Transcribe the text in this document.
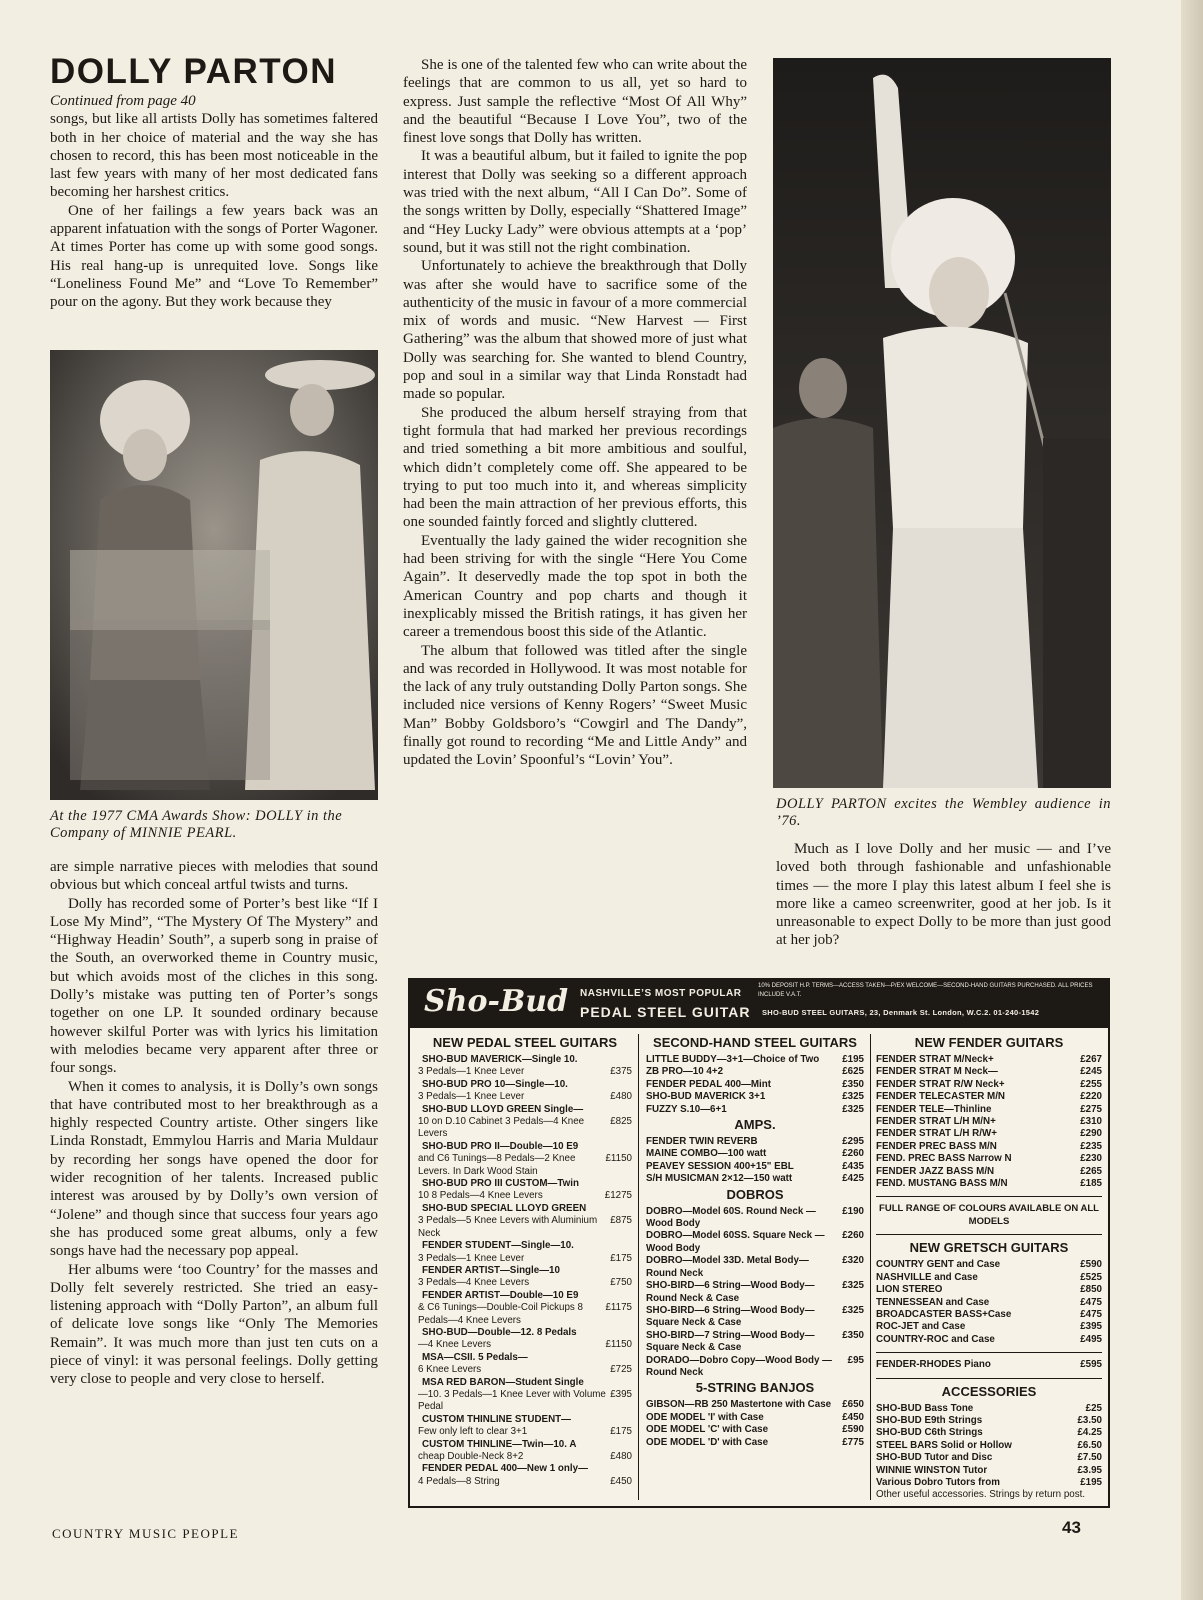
DOLLY PARTON
Continued from page 40

songs, but like all artists Dolly has sometimes faltered both in her choice of material and the way she has chosen to record, this has been most noticeable in the last few years with many of her most dedicated fans becoming her harshest critics.

One of her failings a few years back was an apparent infatuation with the songs of Porter Wagoner. At times Porter has come up with some good songs. His real hang-up is unrequited love. Songs like “Loneliness Found Me” and “Love To Remember” pour on the agony. But they work because they

At the 1977 CMA Awards Show: DOLLY in the Company of MINNIE PEARL.

are simple narrative pieces with melodies that sound obvious but which conceal artful twists and turns.

Dolly has recorded some of Porter’s best like “If I Lose My Mind”, “The Mystery Of The Mystery” and “Highway Headin’ South”, a superb song in praise of the South, an overworked theme in Country music, but which avoids most of the cliches in this song. Dolly’s mistake was putting ten of Porter’s songs together on one LP. It sounded ordinary because however skilful Porter was with lyrics his limitation with melodies became very apparent after three or four songs.

When it comes to analysis, it is Dolly’s own songs that have contributed most to her breakthrough as a highly respected Country artiste. Other singers like Linda Ronstadt, Emmylou Harris and Maria Muldaur by recording her songs have opened the door for wider recognition of her talents. Increased public interest was aroused by by Dolly’s own version of “Jolene” and though since that success four years ago she has produced some great albums, only a few songs have had the necessary pop appeal.

Her albums were ‘too Country’ for the masses and Dolly felt severely restricted. She tried an easy-listening approach with “Dolly Parton”, an album full of delicate love songs like “Only The Memories Remain”. It was much more than just ten cuts on a piece of vinyl: it was personal feelings. Dolly getting very close to people and very close to herself.

She is one of the talented few who can write about the feelings that are common to us all, yet so hard to express. Just sample the reflective “Most Of All Why” and the beautiful “Because I Love You”, two of the finest love songs that Dolly has written.

It was a beautiful album, but it failed to ignite the pop interest that Dolly was seeking so a different approach was tried with the next album, “All I Can Do”. Some of the songs written by Dolly, especially “Shattered Image” and “Hey Lucky Lady” were obvious attempts at a ‘pop’ sound, but it was still not the right combination.

Unfortunately to achieve the breakthrough that Dolly was after she would have to sacrifice some of the authenticity of the music in favour of a more commercial mix of words and music. “New Harvest — First Gathering” was the album that showed more of just what Dolly was searching for. She wanted to blend Country, pop and soul in a similar way that Linda Ronstadt had made so popular.

She produced the album herself straying from that tight formula that had marked her previous recordings and tried something a bit more ambitious and soulful, which didn’t completely come off. She appeared to be trying to put too much into it, and whereas simplicity had been the main attraction of her previous efforts, this one sounded faintly forced and slightly cluttered.

Eventually the lady gained the wider recognition she had been striving for with the single “Here You Come Again”. It deservedly made the top spot in both the American Country and pop charts and though it inexplicably missed the British ratings, it has given her career a tremendous boost this side of the Atlantic.

The album that followed was titled after the single and was recorded in Hollywood. It was most notable for the lack of any truly outstanding Dolly Parton songs. She included nice versions of Kenny Rogers’ “Sweet Music Man” Bobby Goldsboro’s “Cowgirl and The Dandy”, finally got round to recording “Me and Little Andy” and updated the Lovin’ Spoonful’s “Lovin’ You”.

DOLLY PARTON excites the Wembley audience in ’76.

Much as I love Dolly and her music — and I’ve loved both through fashionable and unfashionable times — the more I play this latest album I feel she is more like a cameo screenwriter, good at her job. Is it unreasonable to expect Dolly to be more than just good at her job?

Sho-Bud NASHVILLE’S MOST POPULAR
PEDAL STEEL GUITAR
10% DEPOSIT H.P. TERMS—ACCESS TAKEN—P/EX WELCOME—SECOND-HAND GUITARS PURCHASED. ALL PRICES INCLUDE V.A.T.
SHO-BUD STEEL GUITARS, 23, Denmark St. London, W.C.2. 01-240-1542
NEW PEDAL STEEL GUITARS
SHO-BUD MAVERICK—Single 10.
3 Pedals—1 Knee Lever	£375
SHO-BUD PRO 10—Single—10.
3 Pedals—1 Knee Lever	£480
SHO-BUD LLOYD GREEN Single—
10 on D.10 Cabinet 3 Pedals—4 Knee Levers
£825
SHO-BUD PRO II—Double—10 E9
and C6 Tunings—8 Pedals—2 Knee Levers. In Dark Wood Stain
£1150
SHO-BUD PRO III CUSTOM—Twin
10 8 Pedals—4 Knee Levers	£1275
SHO-BUD SPECIAL LLOYD GREEN
3 Pedals—5 Knee Levers with Aluminium Neck
£875
FENDER STUDENT—Single—10.
3 Pedals—1 Knee Lever	£175
FENDER ARTIST—Single—10
3 Pedals—4 Knee Levers	£750
FENDER ARTIST—Double—10 E9
& C6 Tunings—Double-Coil Pickups 8 Pedals—4 Knee Levers
£1175
SHO-BUD—Double—12. 8 Pedals
—4 Knee Levers	£1150
MSA—CSII. 5 Pedals—
6 Knee Levers	£725
MSA RED BARON—Student Single
—10. 3 Pedals—1 Knee Lever with Volume Pedal
£395
CUSTOM THINLINE STUDENT—
Few only left to clear 3+1	£175
CUSTOM THINLINE—Twin—10. A
cheap Double-Neck 8+2	£480
FENDER PEDAL 400—New 1 only—
4 Pedals—8 String	£450
SECOND-HAND STEEL GUITARS
LITTLE BUDDY—3+1—Choice of Two £195
ZB PRO—10 4+2	£625
FENDER PEDAL 400—Mint	£350
SHO-BUD MAVERICK 3+1	£325
FUZZY S.10—6+1	£325
AMPS.
FENDER TWIN REVERB	£295
MAINE COMBO—100 watt	£260
PEAVEY SESSION 400+15" EBL	£435
S/H MUSICMAN 2×12—150 watt	£425
DOBROS
DOBRO—Model 60S. Round Neck —Wood Body
£190
DOBRO—Model 60SS. Square Neck —Wood Body
£260
DOBRO—Model 33D. Metal Body—Round Neck
£320
SHO-BIRD—6 String—Wood Body—Round Neck & Case
£325
SHO-BIRD—6 String—Wood Body—Square Neck & Case
£325
SHO-BIRD—7 String—Wood Body—Square Neck & Case
£350
DORADO—Dobro Copy—Wood Body —Round Neck
£95
5-STRING BANJOS
GIBSON—RB 250 Mastertone with Case £650
ODE MODEL 'I' with Case	£450
ODE MODEL 'C' with Case	£590
ODE MODEL 'D' with Case	£775
NEW FENDER GUITARS
FENDER STRAT M/Neck+	£267
FENDER STRAT M Neck—	£245
FENDER STRAT R/W Neck+	£255
FENDER TELECASTER M/N	£220
FENDER TELE—Thinline	£275
FENDER STRAT L/H M/N+	£310
FENDER STRAT L/H R/W+	£290
FENDER PREC BASS M/N	£235
FEND. PREC BASS Narrow N	£230
FENDER JAZZ BASS M/N	£265
FEND. MUSTANG BASS M/N	£185
FULL RANGE OF COLOURS AVAILABLE ON ALL MODELS
NEW GRETSCH GUITARS
COUNTRY GENT and Case	£590
NASHVILLE and Case	£525
LION STEREO	£850
TENNESSEAN and Case	£475
BROADCASTER BASS+Case	£475
ROC-JET and Case	£395
COUNTRY-ROC and Case	£495
FENDER-RHODES Piano	£595
ACCESSORIES
SHO-BUD Bass Tone	£25
SHO-BUD E9th Strings	£3.50
SHO-BUD C6th Strings	£4.25
STEEL BARS Solid or Hollow	£6.50
SHO-BUD Tutor and Disc	£7.50
WINNIE WINSTON Tutor	£3.95
Various Dobro Tutors from	£195
Other useful accessories. Strings by return post.
COUNTRY MUSIC PEOPLE	43
